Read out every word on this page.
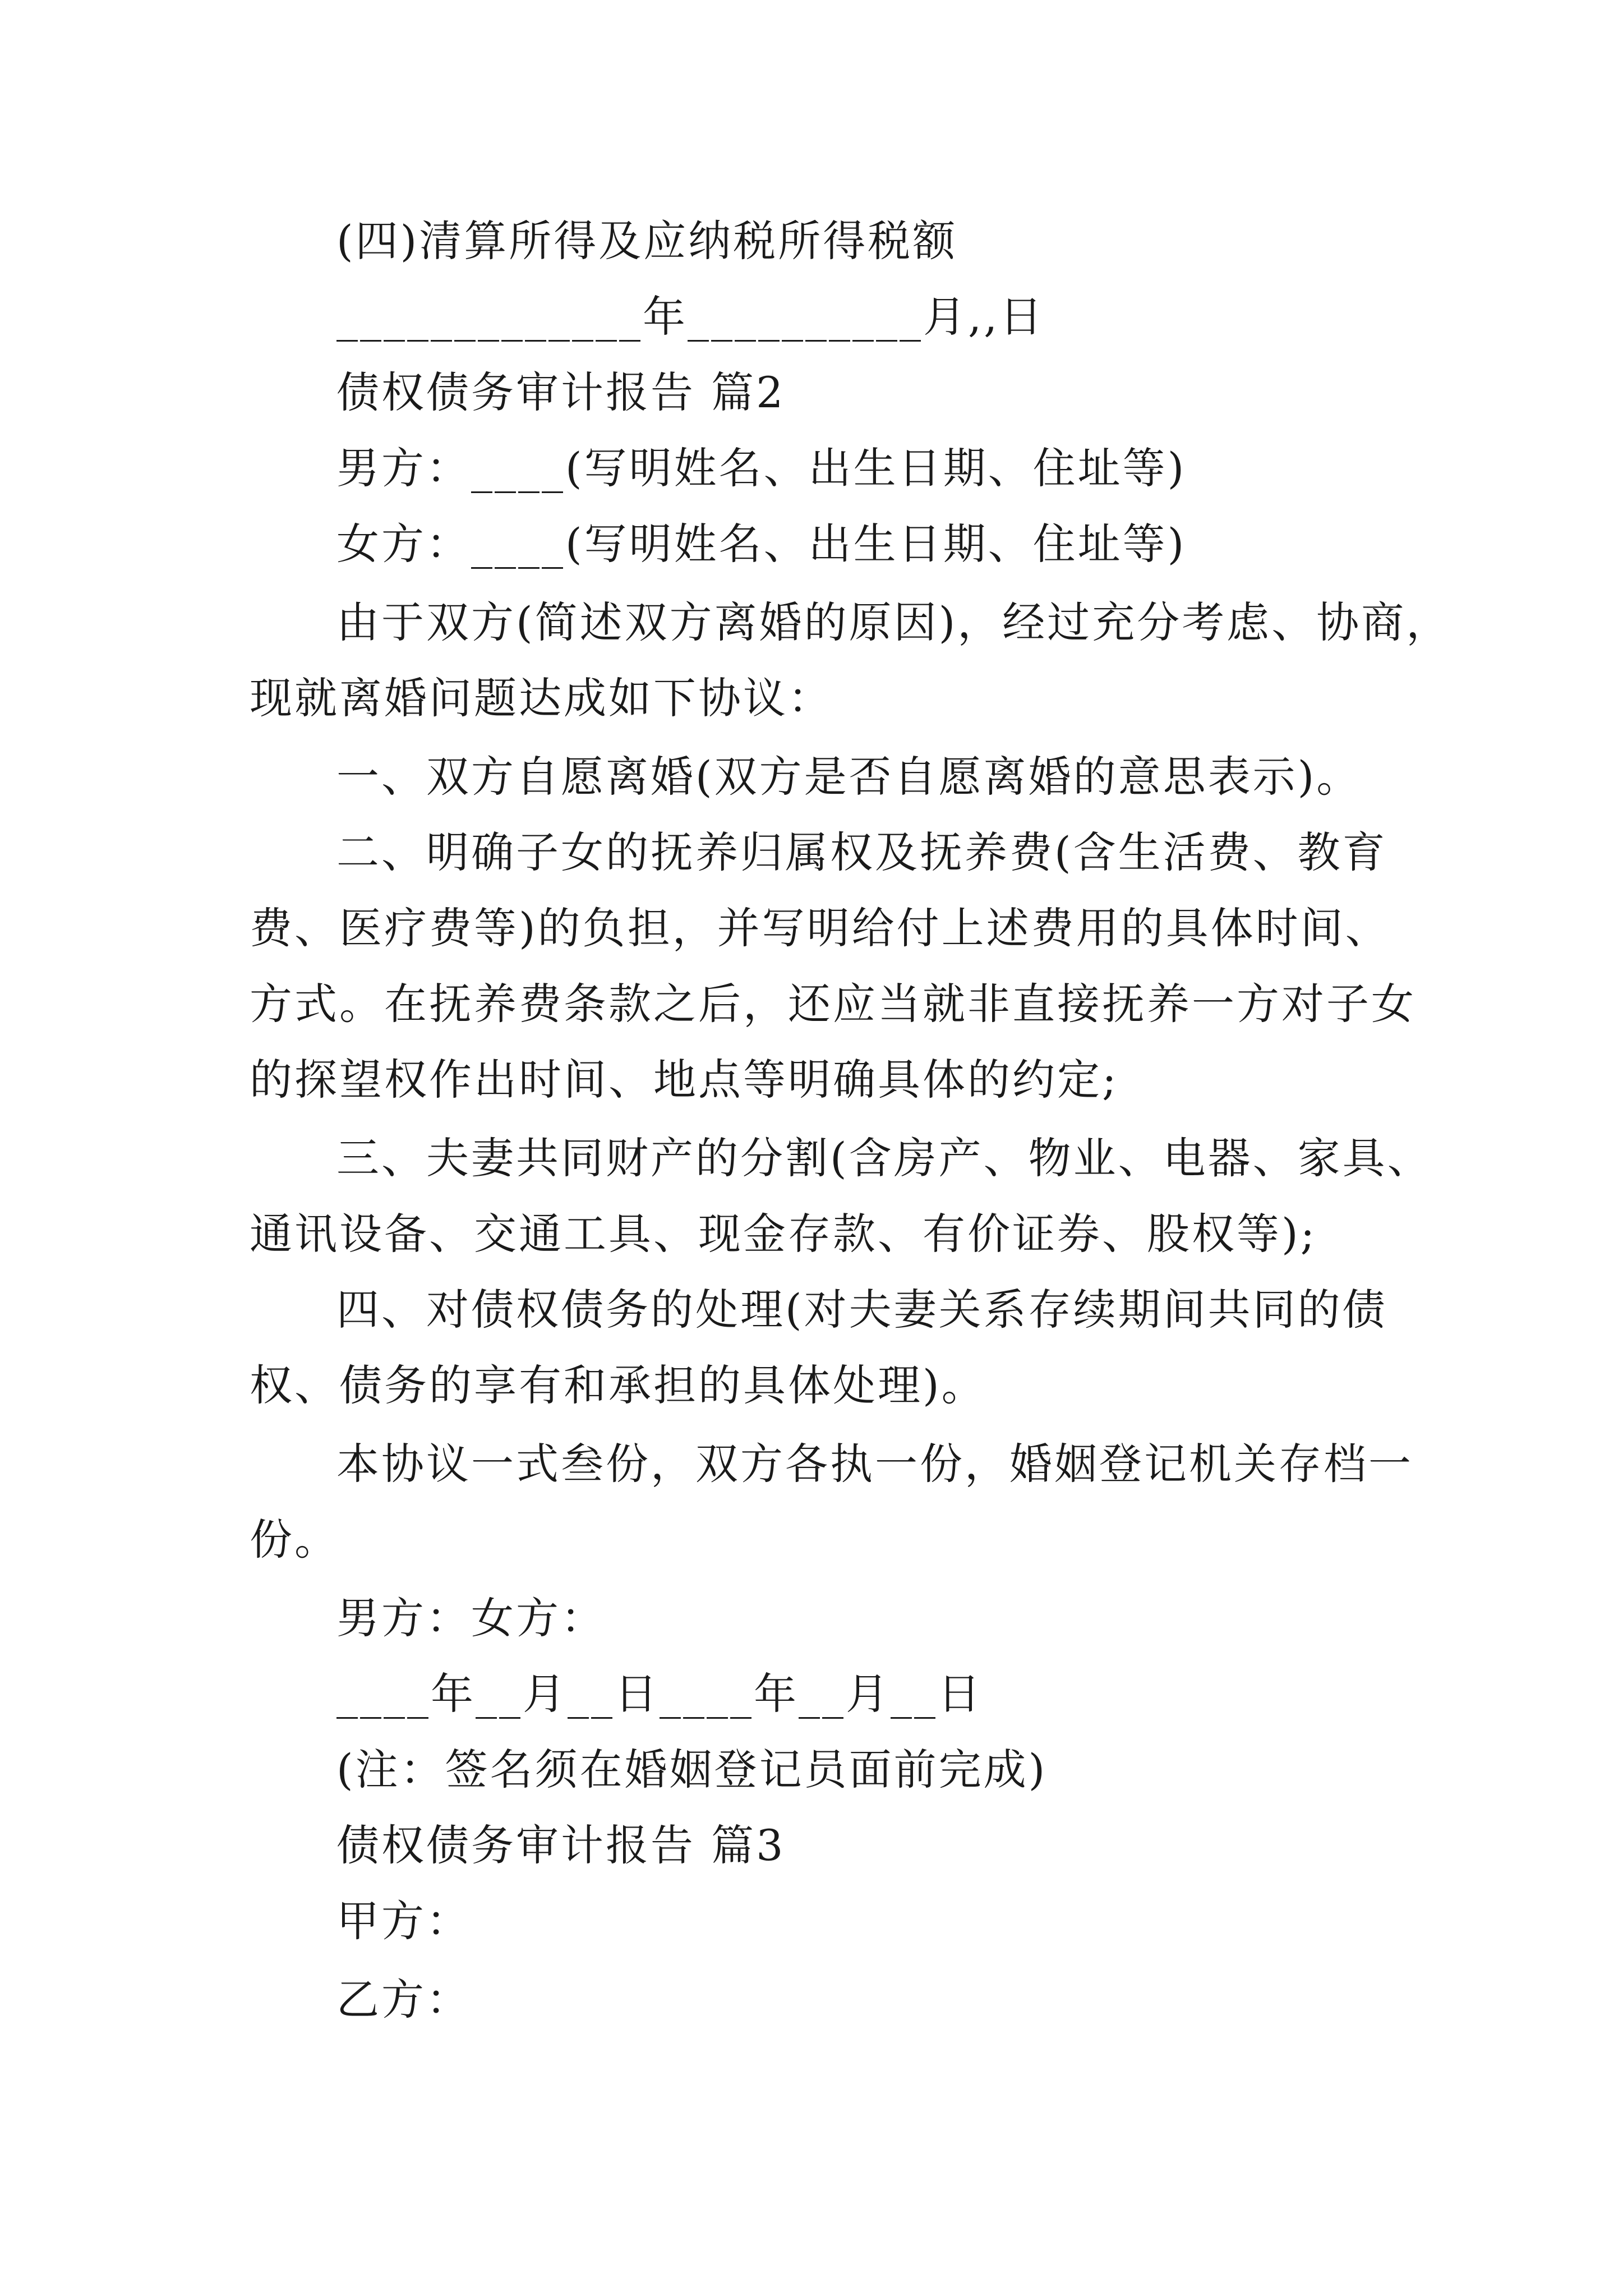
(四)清算所得及应纳税所得税额
_____________年__________月,,日
债权债务审计报告 篇2
男方：____(写明姓名、出生日期、住址等)
女方：____(写明姓名、出生日期、住址等)
由于双方(简述双方离婚的原因)，经过充分考虑、协商，
现就离婚问题达成如下协议：
一、双方自愿离婚(双方是否自愿离婚的意思表示)。
二、明确子女的抚养归属权及抚养费(含生活费、教育
费、医疗费等)的负担，并写明给付上述费用的具体时间、
方式。在抚养费条款之后，还应当就非直接抚养一方对子女
的探望权作出时间、地点等明确具体的约定;
三、夫妻共同财产的分割(含房产、物业、电器、家具、
通讯设备、交通工具、现金存款、有价证券、股权等);
四、对债权债务的处理(对夫妻关系存续期间共同的债
权、债务的享有和承担的具体处理)。
本协议一式叁份，双方各执一份，婚姻登记机关存档一
份。
男方：女方：
____年__月__日____年__月__日
(注：签名须在婚姻登记员面前完成)
债权债务审计报告 篇3
甲方：
乙方：
